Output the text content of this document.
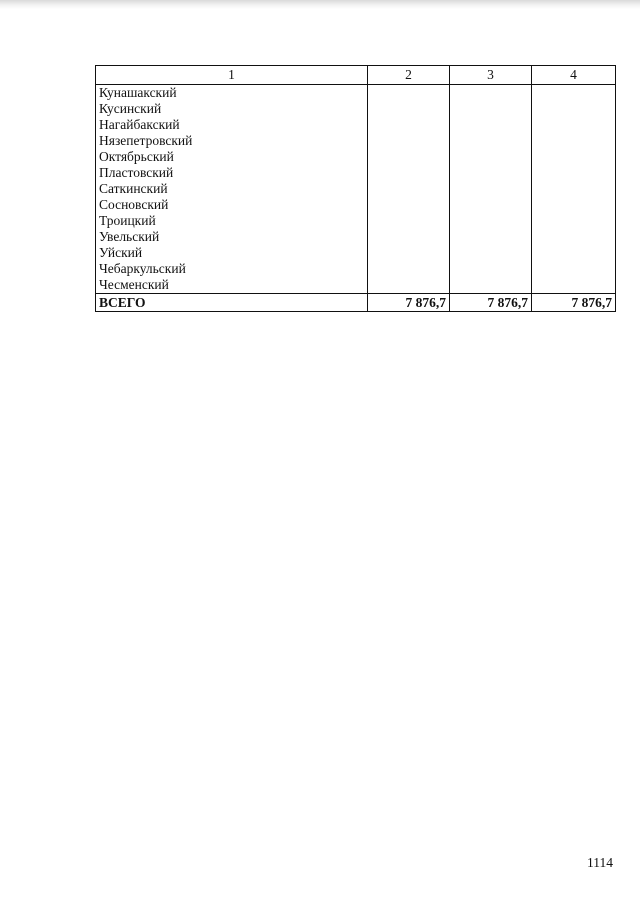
1	2	3	4
Кунашакский			
Кусинский			
Нагайбакский			
Нязепетровский			
Октябрьский			
Пластовский			
Саткинский			
Сосновский			
Троицкий			
Увельский			
Уйский			
Чебаркульский			
Чесменский			
ВСЕГО	7 876,7	7 876,7	7 876,7
1114
